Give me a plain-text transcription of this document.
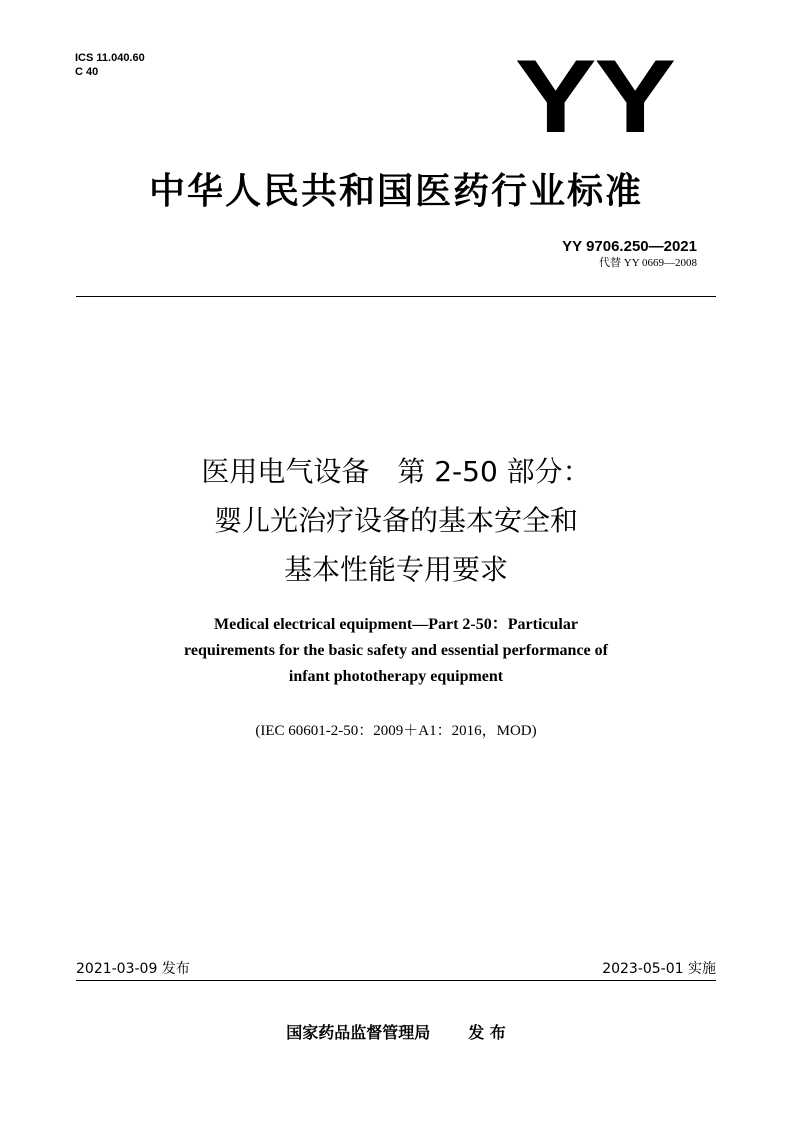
ICS 11.040.60
C 40	YY
中华人民共和国医药行业标准
YY 9706.250—2021
代替 YY 0669—2008
医用电气设备　第 2-50 部分：
婴儿光治疗设备的基本安全和
基本性能专用要求
Medical electrical equipment—Part 2-50：Particular
requirements for the basic safety and essential performance of
infant phototherapy equipment
(IEC 60601-2-50：2009＋A1：2016，MOD)
2021-03-09 发布	2023-05-01 实施
国家药品监督管理局 发 布
